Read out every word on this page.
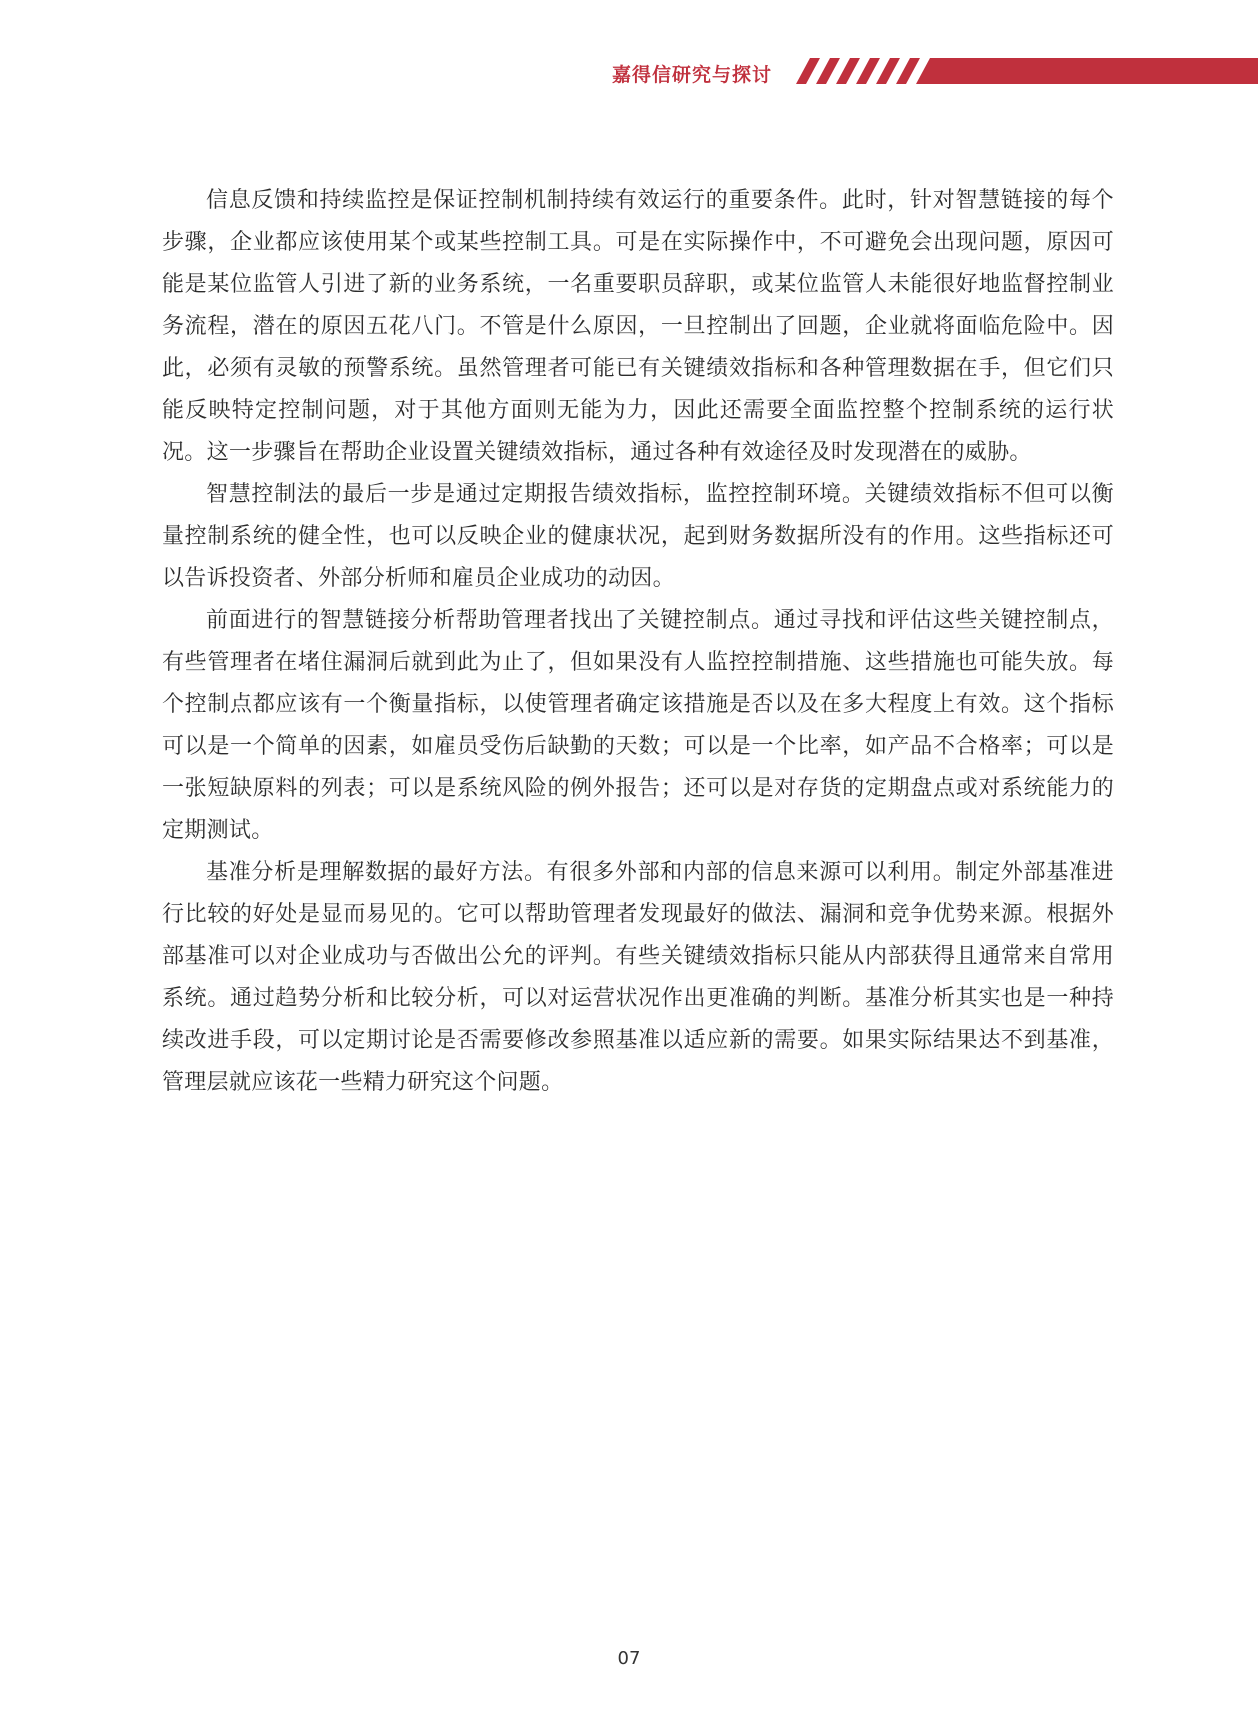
嘉得信研究与探讨

信息反馈和持续监控是保证控制机制持续有效运行的重要条件。此时，针对智慧链接的每个步骤，企业都应该使用某个或某些控制工具。可是在实际操作中，不可避免会出现问题，原因可能是某位监管人引进了新的业务系统，一名重要职员辞职，或某位监管人未能很好地监督控制业务流程，潜在的原因五花八门。不管是什么原因，一旦控制出了回题，企业就将面临危险中。因此，必须有灵敏的预警系统。虽然管理者可能已有关键绩效指标和各种管理数据在手，但它们只能反映特定控制问题，对于其他方面则无能为力，因此还需要全面监控整个控制系统的运行状况。这一步骤旨在帮助企业设置关键绩效指标，通过各种有效途径及时发现潜在的威胁。

智慧控制法的最后一步是通过定期报告绩效指标，监控控制环境。关键绩效指标不但可以衡量控制系统的健全性，也可以反映企业的健康状况，起到财务数据所没有的作用。这些指标还可以告诉投资者、外部分析师和雇员企业成功的动因。

前面进行的智慧链接分析帮助管理者找出了关键控制点。通过寻找和评估这些关键控制点，有些管理者在堵住漏洞后就到此为止了，但如果没有人监控控制措施、这些措施也可能失放。每个控制点都应该有一个衡量指标，以使管理者确定该措施是否以及在多大程度上有效。这个指标可以是一个简单的因素，如雇员受伤后缺勤的天数；可以是一个比率，如产品不合格率；可以是一张短缺原料的列表；可以是系统风险的例外报告；还可以是对存货的定期盘点或对系统能力的定期测试。

基准分析是理解数据的最好方法。有很多外部和内部的信息来源可以利用。制定外部基准进行比较的好处是显而易见的。它可以帮助管理者发现最好的做法、漏洞和竞争优势来源。根据外部基准可以对企业成功与否做出公允的评判。有些关键绩效指标只能从内部获得且通常来自常用系统。通过趋势分析和比较分析，可以对运营状况作出更准确的判断。基准分析其实也是一种持续改进手段，可以定期讨论是否需要修改参照基准以适应新的需要。如果实际结果达不到基准，管理层就应该花一些精力研究这个问题。

07
